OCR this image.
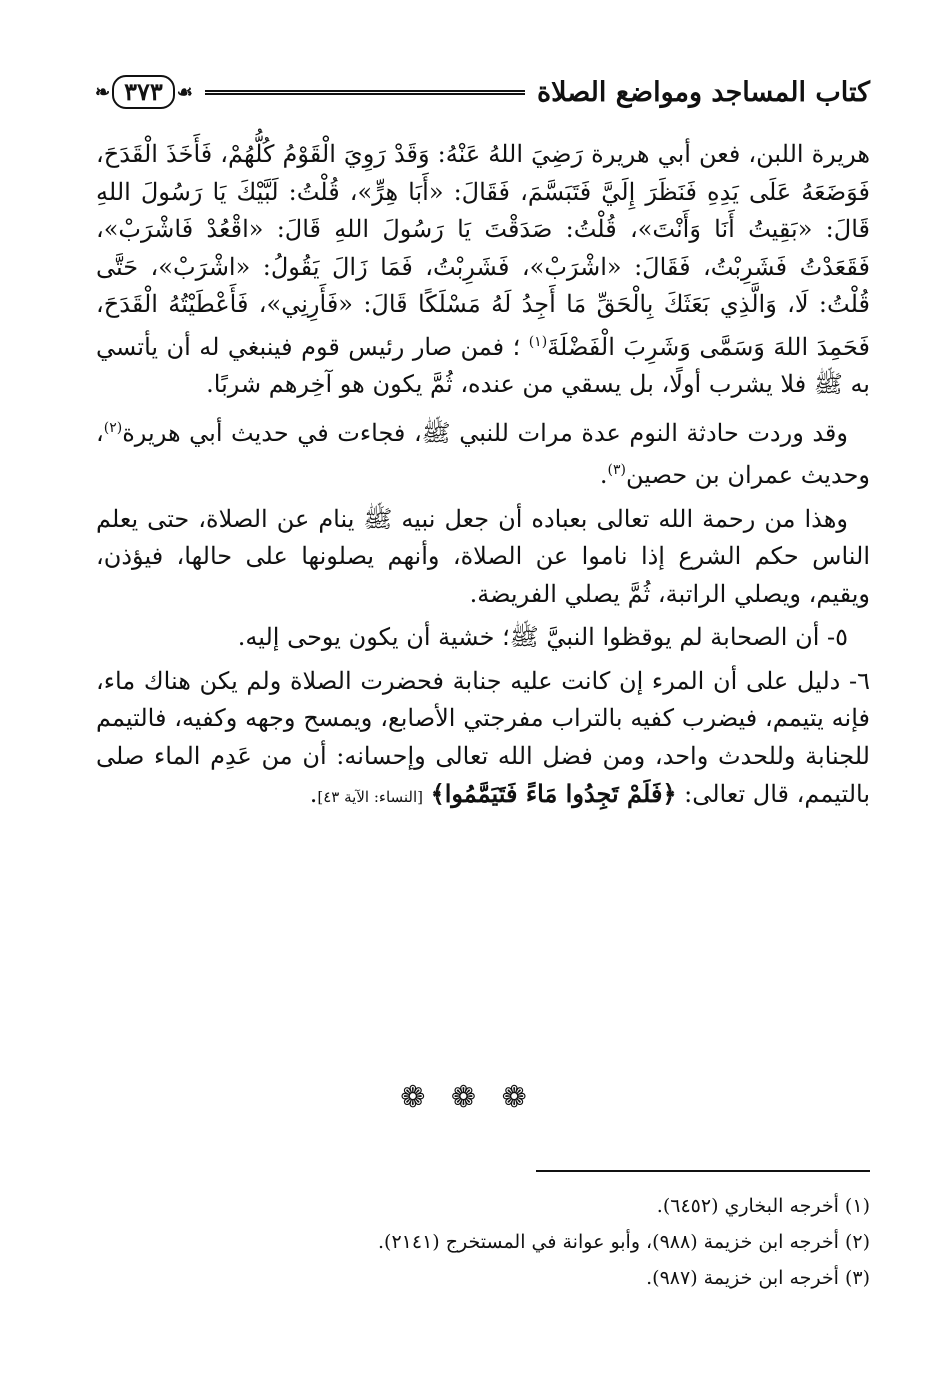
كتاب المساجد ومواضع الصلاة
❧ ٣٧٣ ☙

هريرة اللبن، فعن أبي هريرة رَضِيَ اللهُ عَنْهُ: وَقَدْ رَوِيَ الْقَوْمُ كُلُّهُمْ، فَأَخَذَ الْقَدَحَ، فَوَضَعَهُ عَلَى يَدِهِ فَنَظَرَ إِلَيَّ فَتَبَسَّمَ، فَقَالَ: «أَبَا هِرٍّ»، قُلْتُ: لَبَّيْكَ يَا رَسُولَ اللهِ قَالَ: «بَقِيتُ أَنَا وَأَنْتَ»، قُلْتُ: صَدَقْتَ يَا رَسُولَ اللهِ قَالَ: «اقْعُدْ فَاشْرَبْ»، فَقَعَدْتُ فَشَرِبْتُ، فَقَالَ: «اشْرَبْ»، فَشَرِبْتُ، فَمَا زَالَ يَقُولُ: «اشْرَبْ»، حَتَّى قُلْتُ: لَا، وَالَّذِي بَعَثَكَ بِالْحَقِّ مَا أَجِدُ لَهُ مَسْلَكًا قَالَ: «فَأَرِنِي»، فَأَعْطَيْتُهُ الْقَدَحَ، فَحَمِدَ اللهَ وَسَمَّى وَشَرِبَ الْفَضْلَةَ$^{(١)}$ ؛ فمن صار رئيس قوم فينبغي له أن يأتسي به ﷺ فلا يشرب أولًا، بل يسقي من عنده، ثُمَّ يكون هو آخِرهم شربًا.

وقد وردت حادثة النوم عدة مرات للنبي ﷺ، فجاءت في حديث أبي هريرة$^{(٢)}$، وحديث عمران بن حصين$^{(٣)}$.

وهذا من رحمة الله تعالى بعباده أن جعل نبيه ﷺ ينام عن الصلاة، حتى يعلم الناس حكم الشرع إذا ناموا عن الصلاة، وأنهم يصلونها على حالها، فيؤذن، ويقيم، ويصلي الراتبة، ثُمَّ يصلي الفريضة.

٥- أن الصحابة لم يوقظوا النبيَّ ﷺ؛ خشية أن يكون يوحى إليه.

٦- دليل على أن المرء إن كانت عليه جنابة فحضرت الصلاة ولم يكن هناك ماء، فإنه يتيمم، فيضرب كفيه بالتراب مفرجتي الأصابع، ويمسح وجهه وكفيه، فالتيمم للجنابة وللحدث واحد، ومن فضل الله تعالى وإحسانه: أن من عَدِم الماء صلى بالتيمم، قال تعالى: ﴿فَلَمْ تَجِدُوا مَاءً فَتَيَمَّمُوا﴾ [النساء: الآية ٤٣].

❁ ❁ ❁
(١) أخرجه البخاري (٦٤٥٢).
(٢) أخرجه ابن خزيمة (٩٨٨)، وأبو عوانة في المستخرج (٢١٤١).
(٣) أخرجه ابن خزيمة (٩٨٧).
